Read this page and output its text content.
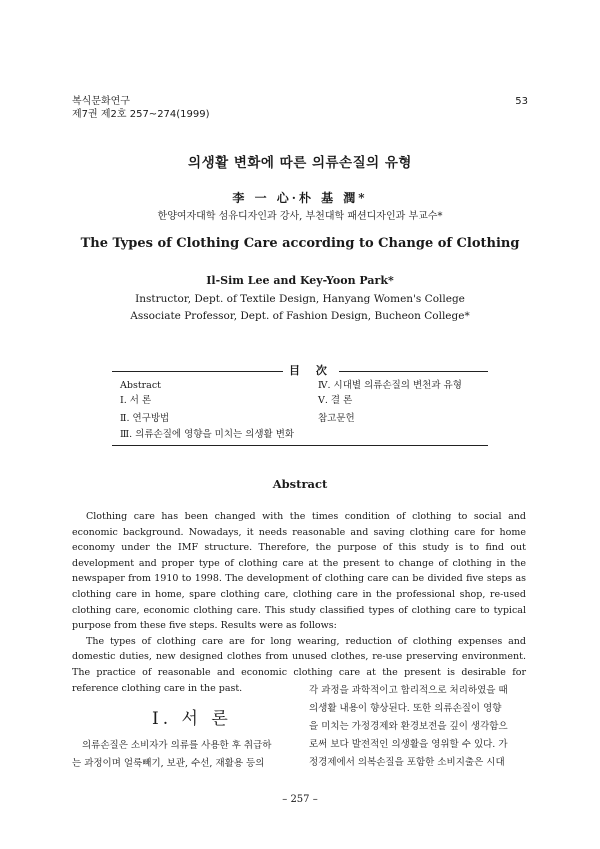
복식문화연구
제7권 제2호 257~274(1999)
53
의생활 변화에 따른 의류손질의 유형
李 一 心·朴 基 潤*
한양여자대학 섬유디자인과 강사, 부천대학 패션디자인과 부교수*
The Types of Clothing Care according to Change of Clothing
Il-Sim Lee and Key-Yoon Park*
Instructor, Dept. of Textile Design, Hanyang Women's College
Associate Professor, Dept. of Fashion Design, Bucheon College*
目 次
Abstract
Ⅰ. 서 론
Ⅱ. 연구방법
Ⅲ. 의류손질에 영향을 미치는 의생활 변화
Ⅳ. 시대별 의류손질의 변천과 유형
Ⅴ. 결 론
참고문헌
Abstract

Clothing care has been changed with the times condition of clothing to social and economic background. Nowadays, it needs reasonable and saving clothing care for home economy under the IMF structure. Therefore, the purpose of this study is to find out development and proper type of clothing care at the present to change of clothing in the newspaper from 1910 to 1998. The development of clothing care can be divided five steps as clothing care in home, spare clothing care, clothing care in the professional shop, re-used clothing care, economic clothing care. This study classified types of clothing care to typical purpose from these five steps. Results were as follows:

The types of clothing care are for long wearing, reduction of clothing expenses and domestic duties, new designed clothes from unused clothes, re-use preserving environment. The practice of reasonable and economic clothing care at the present is desirable for reference clothing care in the past.

Ⅰ. 서 론
의류손질은 소비자가 의류를 사용한 후 취급하
는 과정이며 얼룩빼기, 보관, 수선, 재활용 등의
각 과정을 과학적이고 합리적으로 처리하였을 때
의생활 내용이 향상된다. 또한 의류손질이 영향
을 미치는 가정경제와 환경보전을 깊이 생각함으
로써 보다 발전적인 의생활을 영위할 수 있다. 가
정경제에서 의복손질을 포함한 소비지출은 시대
– 257 –
